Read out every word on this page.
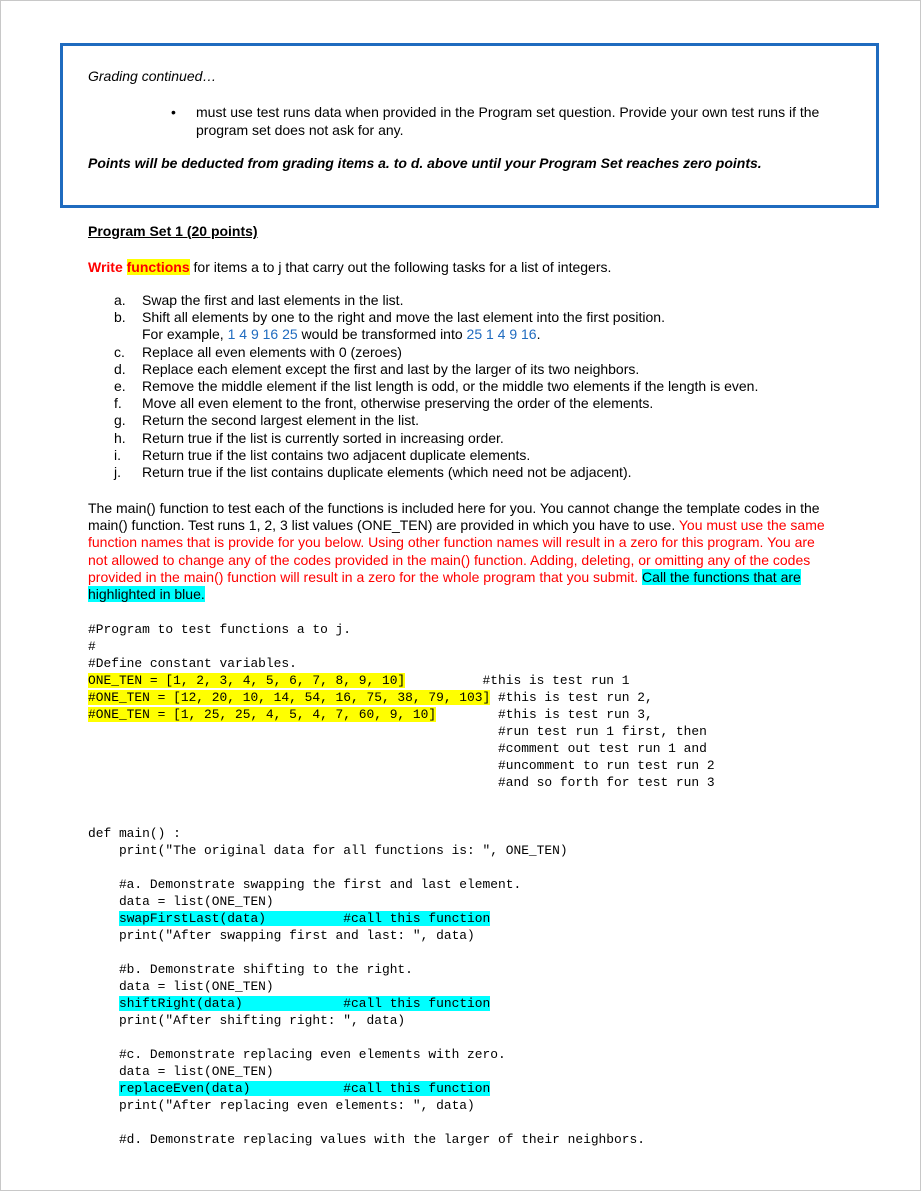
Grading continued…
• must use test runs data when provided in the Program set question. Provide your own test runs if the program set does not ask for any.
Points will be deducted from grading items a. to d. above until your Program Set reaches zero points.
Program Set 1 (20 points)
Write functions for items a to j that carry out the following tasks for a list of integers.
a. Swap the first and last elements in the list.
b. Shift all elements by one to the right and move the last element into the first position.
For example, 1 4 9 16 25 would be transformed into 25 1 4 9 16.
c. Replace all even elements with 0 (zeroes)
d. Replace each element except the first and last by the larger of its two neighbors.
e. Remove the middle element if the list length is odd, or the middle two elements if the length is even.
f. Move all even element to the front, otherwise preserving the order of the elements.
g. Return the second largest element in the list.
h. Return true if the list is currently sorted in increasing order.
i. Return true if the list contains two adjacent duplicate elements.
j. Return true if the list contains duplicate elements (which need not be adjacent).
The main() function to test each of the functions is included here for you. You cannot change the template codes in the main() function. Test runs 1, 2, 3 list values (ONE_TEN) are provided in which you have to use. You must use the same function names that is provide for you below. Using other function names will result in a zero for this program. You are not allowed to change any of the codes provided in the main() function. Adding, deleting, or omitting any of the codes provided in the main() function will result in a zero for the whole program that you submit. Call the functions that are highlighted in blue.
#Program to test functions a to j.
#
#Define constant variables.
ONE_TEN = [1, 2, 3, 4, 5, 6, 7, 8, 9, 10]	#this is test run 1
#ONE_TEN = [12, 20, 10, 14, 54, 16, 75, 38, 79, 103] #this is test run 2,
#ONE_TEN = [1, 25, 25, 4, 5, 4, 7, 60, 9, 10]	#this is test run 3,
#run test run 1 first, then
#comment out test run 1 and
#uncomment to run test run 2
#and so forth for test run 3
def main() :
print("The original data for all functions is: ", ONE_TEN)
#a. Demonstrate swapping the first and last element.
data = list(ONE_TEN)
swapFirstLast(data)          #call this function
print("After swapping first and last: ", data)
#b. Demonstrate shifting to the right.
data = list(ONE_TEN)
shiftRight(data)             #call this function
print("After shifting right: ", data)
#c. Demonstrate replacing even elements with zero.
data = list(ONE_TEN)
replaceEven(data)            #call this function
print("After replacing even elements: ", data)
#d. Demonstrate replacing values with the larger of their neighbors.
